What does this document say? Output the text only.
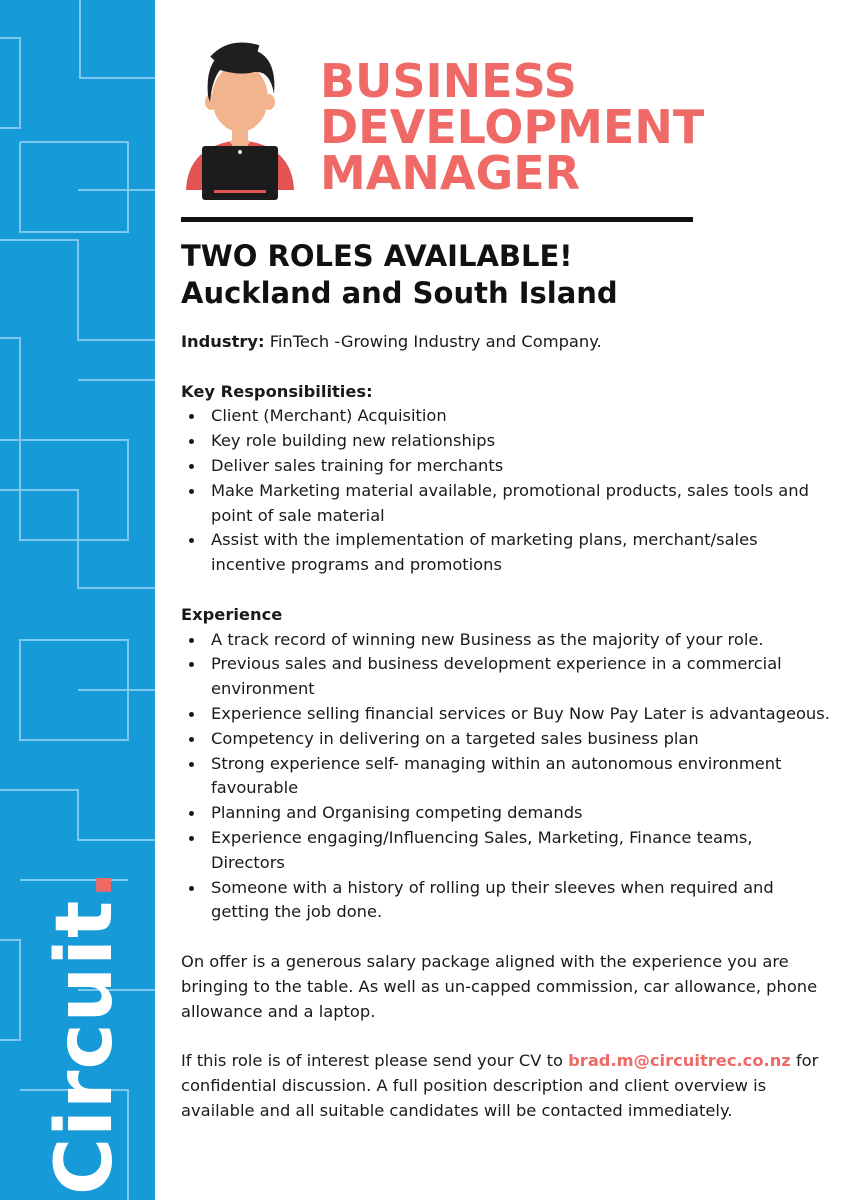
Circuit.
BUSINESS
DEVELOPMENT
MANAGER
TWO ROLES AVAILABLE!
Auckland and South Island

Industry: FinTech -Growing Industry and Company.

Key Responsibilities:

Client (Merchant) Acquisition
Key role building new relationships
Deliver sales training for merchants
Make Marketing material available, promotional products, sales tools and point of sale material
Assist with the implementation of marketing plans, merchant/sales incentive programs and promotions

Experience

A track record of winning new Business as the majority of your role.
Previous sales and business development experience in a commercial environment
Experience selling financial services or Buy Now Pay Later is advantageous.
Competency in delivering on a targeted sales business plan
Strong experience self- managing within an autonomous environment favourable
Planning and Organising competing demands
Experience engaging/Influencing Sales, Marketing, Finance teams, Directors
Someone with a history of rolling up their sleeves when required and getting the job done.

On offer is a generous salary package aligned with the experience you are bringing to the table. As well as un-capped commission, car allowance, phone allowance and a laptop.

If this role is of interest please send your CV to brad.m@circuitrec.co.nz for confidential discussion. A full position description and client overview is available and all suitable candidates will be contacted immediately.
